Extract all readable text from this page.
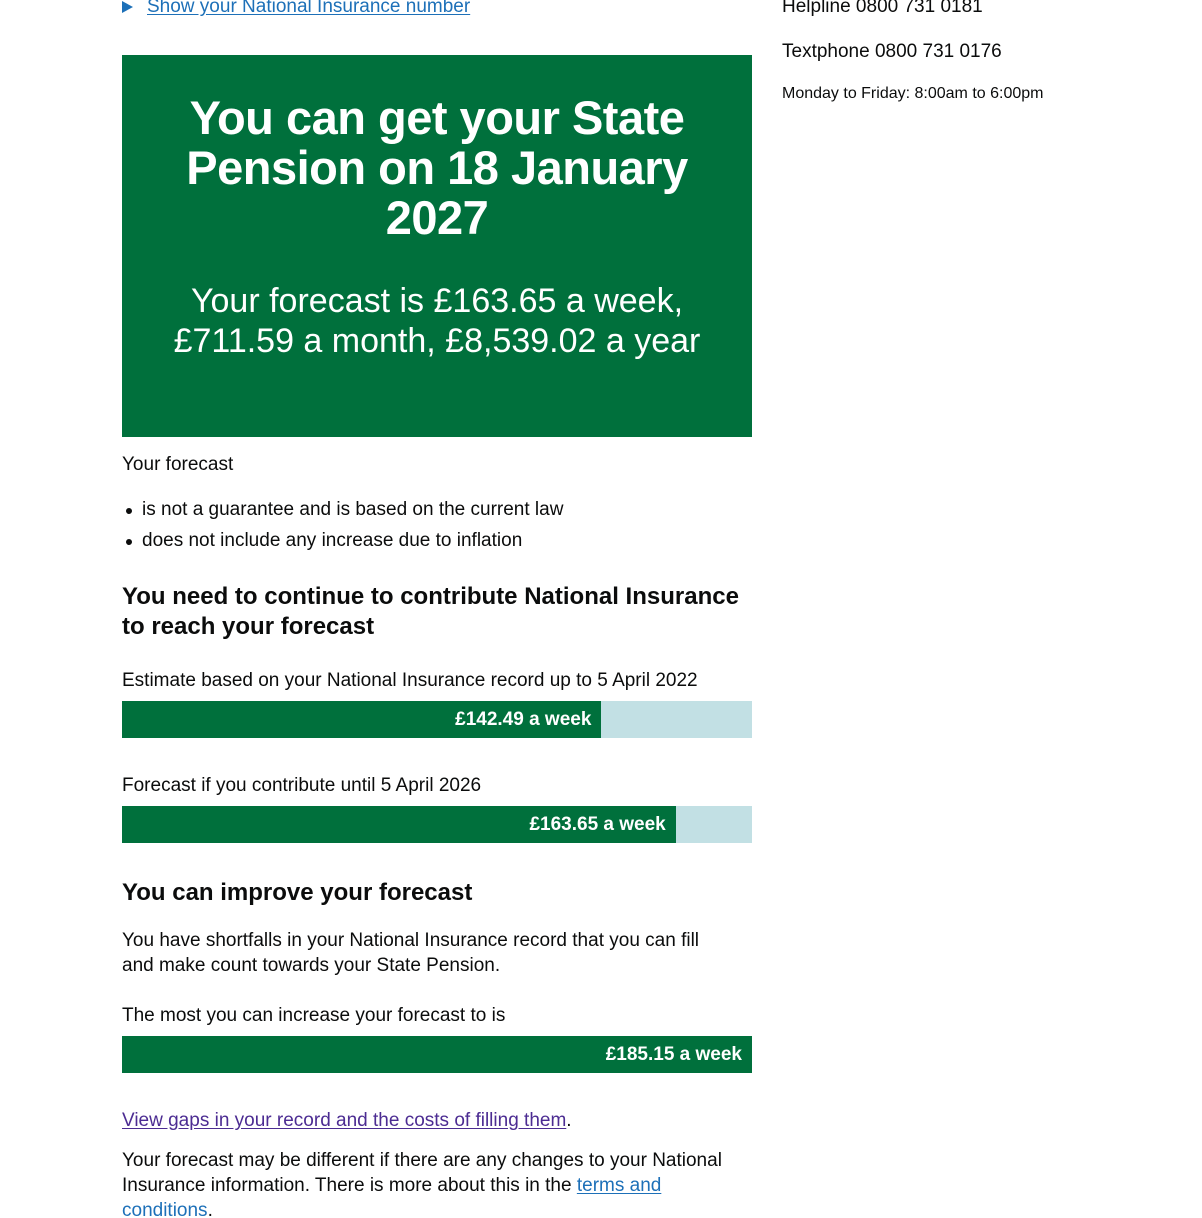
Show your National Insurance number
You can get your State Pension on 18 January 2027
Your forecast is £163.65 a week, £711.59 a month, £8,539.02 a year

Your forecast

is not a guarantee and is based on the current law
does not include any increase due to inflation
You need to continue to contribute National Insurance to reach your forecast

Estimate based on your National Insurance record up to 5 April 2022

£142.49 a week

Forecast if you contribute until 5 April 2026

£163.65 a week
You can improve your forecast

You have shortfalls in your National Insurance record that you can fill and make count towards your State Pension.

The most you can increase your forecast to is

£185.15 a week

View gaps in your record and the costs of filling them.

Your forecast may be different if there are any changes to your National Insurance information. There is more about this in the terms and conditions.

Helpline 0800 731 0181

Textphone 0800 731 0176

Monday to Friday: 8:00am to 6:00pm
